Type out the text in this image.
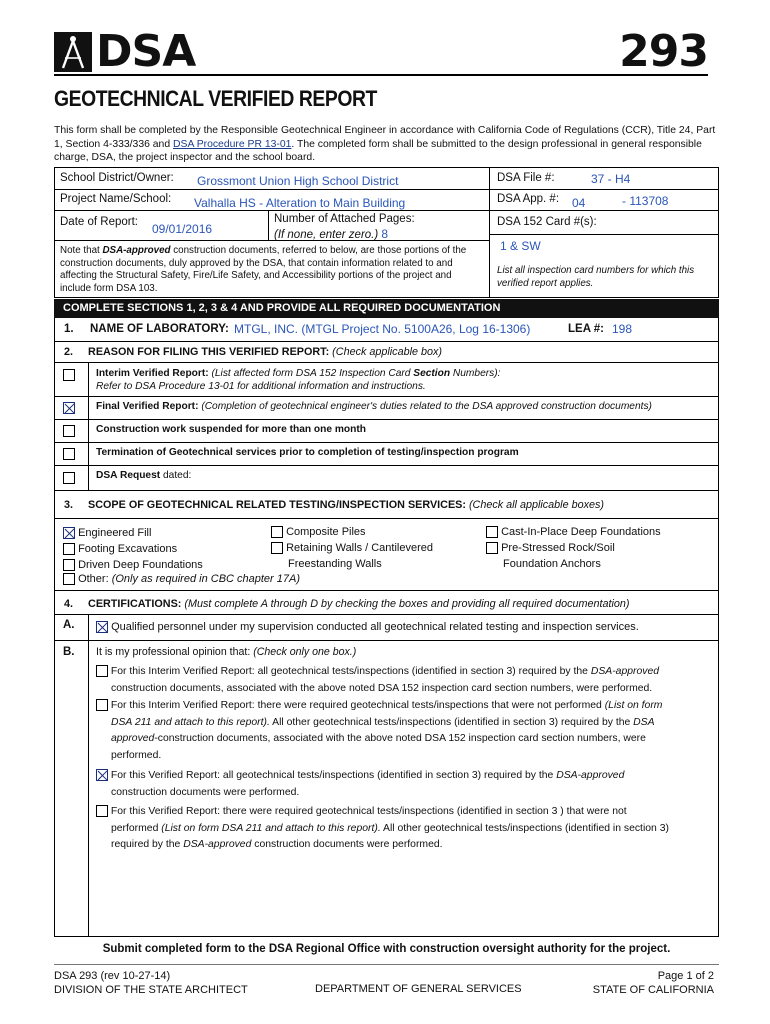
DSA	293
GEOTECHNICAL VERIFIED REPORT
This form shall be completed by the Responsible Geotechnical Engineer in accordance with California Code of Regulations (CCR), Title 24, Part 1, Section 4-333/336 and DSA Procedure PR 13-01. The completed form shall be submitted to the design professional in general responsible charge, DSA, the project inspector and the school board.
School District/Owner: Grossmont Union High School District
Project Name/School: Valhalla HS - Alteration to Main Building
Date of Report: 09/01/2016
Number of Attached Pages:
(If none, enter zero.) 8
Note that DSA-approved construction documents, referred to below, are those portions of the construction documents, duly approved by the DSA, that contain information related to and affecting the Structural Safety, Fire/Life Safety, and Accessibility portions of the project and include form DSA 103.
DSA File #:	37 - H4
DSA App. #: 04	- 113708
DSA 152 Card #(s):
1 & SW
List all inspection card numbers for which this verified report applies.
COMPLETE SECTIONS 1, 2, 3 & 4 AND PROVIDE ALL REQUIRED DOCUMENTATION
1. NAME OF LABORATORY: MTGL, INC. (MTGL Project No. 5100A26, Log 16-1306)	LEA #: 198
2. REASON FOR FILING THIS VERIFIED REPORT: (Check applicable box)
Interim Verified Report: (List affected form DSA 152 Inspection Card Section Numbers):
Refer to DSA Procedure 13-01 for additional information and instructions.
Final Verified Report: (Completion of geotechnical engineer's duties related to the DSA approved construction documents)
Construction work suspended for more than one month
Termination of Geotechnical services prior to completion of testing/inspection program
DSA Request dated:
3. SCOPE OF GEOTECHNICAL RELATED TESTING/INSPECTION SERVICES: (Check all applicable boxes)
Engineered Fill
Footing Excavations
Driven Deep Foundations
Composite Piles
Retaining Walls / Cantilevered
Freestanding Walls
Cast-In-Place Deep Foundations
Pre-Stressed Rock/Soil
Foundation Anchors
Other: (Only as required in CBC chapter 17A)
4. CERTIFICATIONS: (Must complete A through D by checking the boxes and providing all required documentation)
A.	Qualified personnel under my supervision conducted all geotechnical related testing and inspection services.
B. It is my professional opinion that: (Check only one box.)
For this Interim Verified Report: all geotechnical tests/inspections (identified in section 3) required by the DSA-approved
construction documents, associated with the above noted DSA 152 inspection card section numbers, were performed.
For this Interim Verified Report: there were required geotechnical tests/inspections that were not performed (List on form
DSA 211 and attach to this report). All other geotechnical tests/inspections (identified in section 3) required by the DSA
approved-construction documents, associated with the above noted DSA 152 inspection card section numbers, were
performed.
For this Verified Report: all geotechnical tests/inspections (identified in section 3) required by the DSA-approved
construction documents were performed.
For this Verified Report: there were required geotechnical tests/inspections (identified in section 3 ) that were not
performed (List on form DSA 211 and attach to this report). All other geotechnical tests/inspections (identified in section 3)
required by the DSA-approved construction documents were performed.
Submit completed form to the DSA Regional Office with construction oversight authority for the project.
DSA 293 (rev 10-27-14)
DIVISION OF THE STATE ARCHITECT	DEPARTMENT OF GENERAL SERVICES
Page 1 of 2
STATE OF CALIFORNIA
